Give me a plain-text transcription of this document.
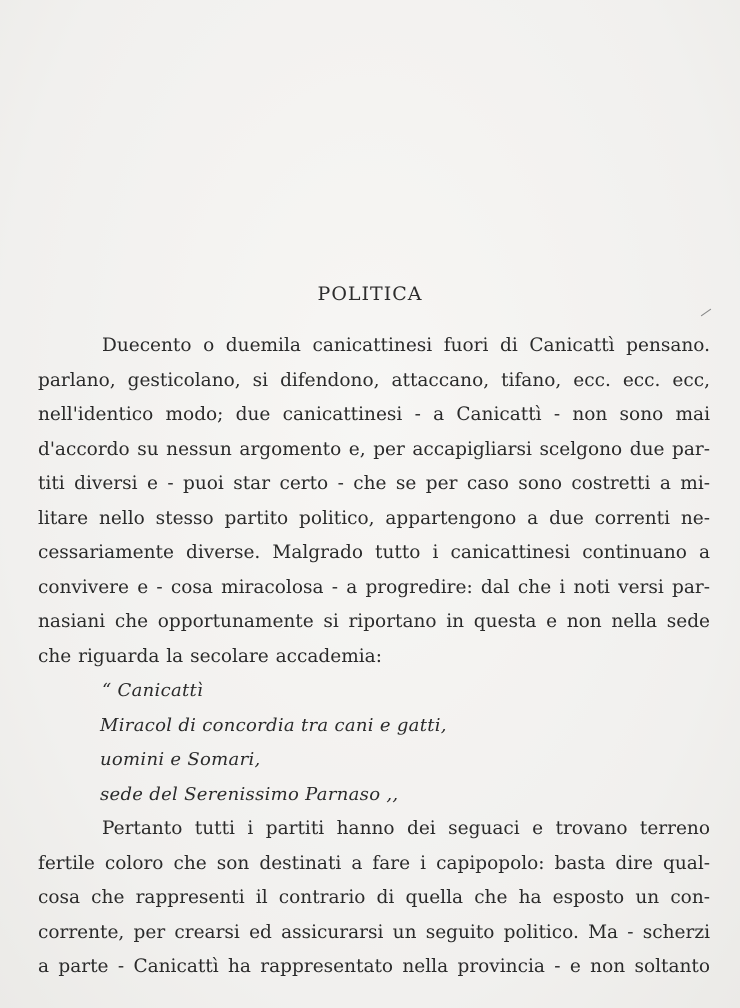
POLITICA
Duecento o duemila canicattinesi fuori di Canicattì pensano.
parlano, gesticolano, si difendono, attaccano, tifano, ecc. ecc. ecc,
nell'identico modo; due canicattinesi - a Canicattì - non sono mai
d'accordo su nessun argomento e, per accapigliarsi scelgono due par-
titi diversi e - puoi star certo - che se per caso sono costretti a mi-
litare nello stesso partito politico, appartengono a due correnti ne-
cessariamente diverse. Malgrado tutto i canicattinesi continuano a
convivere e - cosa miracolosa - a progredire: dal che i noti versi par-
nasiani che opportunamente si riportano in questa e non nella sede
che riguarda la secolare accademia:
“ Canicattì
Miracol di concordia tra cani e gatti,
uomini e Somari,
sede del Serenissimo Parnaso ,,
Pertanto tutti i partiti hanno dei seguaci e trovano terreno
fertile coloro che son destinati a fare i capipopolo: basta dire qual-
cosa che rappresenti il contrario di quella che ha esposto un con-
corrente, per crearsi ed assicurarsi un seguito politico. Ma - scherzi
a parte - Canicattì ha rappresentato nella provincia - e non soltanto
